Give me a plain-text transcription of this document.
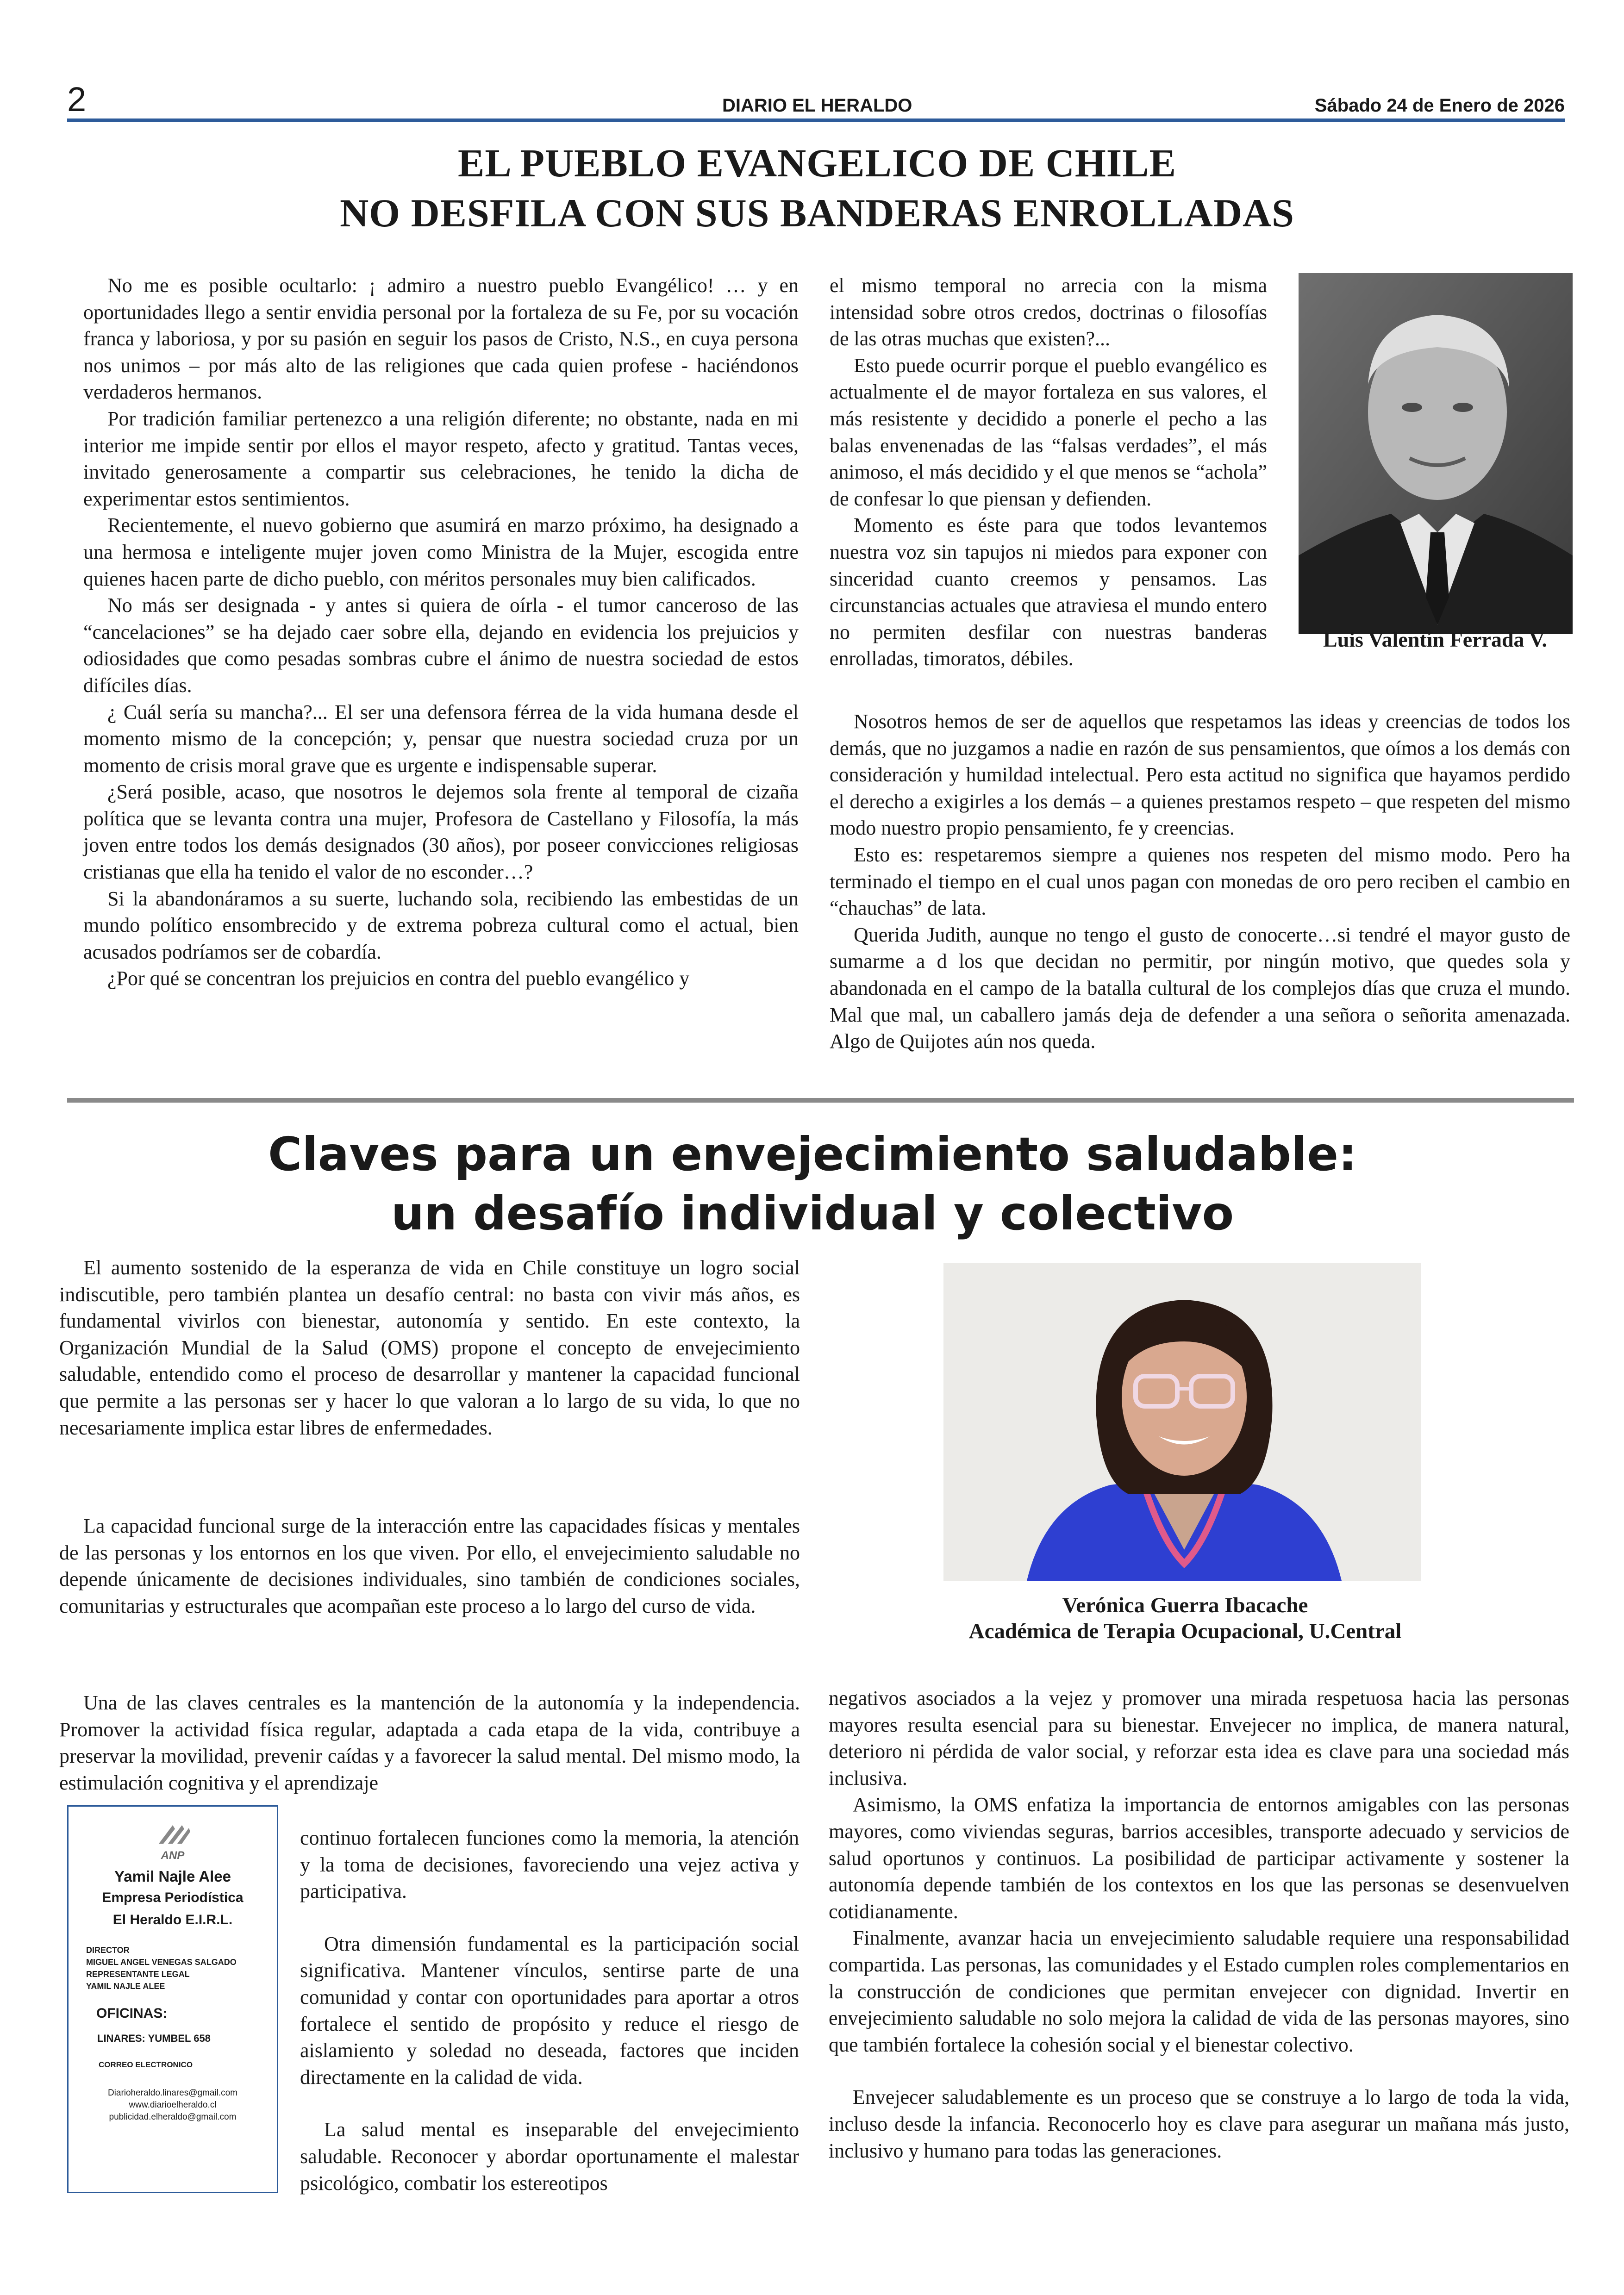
2	DIARIO EL HERALDO	Sábado 24 de Enero de 2026
EL PUEBLO EVANGELICO DE CHILE
NO DESFILA CON SUS BANDERAS ENROLLADAS

No me es posible ocultarlo: ¡ admiro a nuestro pueblo Evangélico! … y en oportunidades llego a sentir envidia personal por la fortaleza de su Fe, por su vocación franca y laboriosa, y por su pasión en seguir los pasos de Cristo, N.S., en cuya persona nos unimos – por más alto de las religiones que cada quien profese - haciéndonos verdaderos hermanos.

Por tradición familiar pertenezco a una religión diferente; no obstante, nada en mi interior me impide sentir por ellos el mayor respeto, afecto y gratitud. Tantas veces, invitado generosamente a compartir sus celebraciones, he tenido la dicha de experimentar estos sentimientos.

Recientemente, el nuevo gobierno que asumirá en marzo próximo, ha designado a una hermosa e inteligente mujer joven como Ministra de la Mujer, escogida entre quienes hacen parte de dicho pueblo, con méritos personales muy bien calificados.

No más ser designada - y antes si quiera de oírla - el tumor canceroso de las “cancelaciones” se ha dejado caer sobre ella, dejando en evidencia los prejuicios y odiosidades que como pesadas sombras cubre el ánimo de nuestra sociedad de estos difíciles días.

¿ Cuál sería su mancha?... El ser una defensora férrea de la vida humana desde el momento mismo de la concepción; y, pensar que nuestra sociedad cruza por un momento de crisis moral grave que es urgente e indispensable superar.

¿Será posible, acaso, que nosotros le dejemos sola frente al temporal de cizaña política que se levanta contra una mujer, Profesora de Castellano y Filosofía, la más joven entre todos los demás designados (30 años), por poseer convicciones religiosas cristianas que ella ha tenido el valor de no esconder…?

Si la abandonáramos a su suerte, luchando sola, recibiendo las embestidas de un mundo político ensombrecido y de extrema pobreza cultural como el actual, bien acusados podríamos ser de cobardía.

¿Por qué se concentran los prejuicios en contra del pueblo evangélico y

el mismo temporal no arrecia con la misma intensidad sobre otros credos, doctrinas o filosofías de las otras muchas que existen?...

Esto puede ocurrir porque el pueblo evangélico es actualmente el de mayor fortaleza en sus valores, el más resistente y decidido a ponerle el pecho a las balas envenenadas de las “falsas verdades”, el más animoso, el más decidido y el que menos se “achola” de confesar lo que piensan y defienden.

Momento es éste para que todos levantemos nuestra voz sin tapujos ni miedos para exponer con sinceridad cuanto creemos y pensamos. Las circunstancias actuales que atraviesa el mundo entero no permiten desfilar con nuestras banderas enrolladas, timoratos, débiles.

Nosotros hemos de ser de aquellos que respetamos las ideas y creencias de todos los demás, que no juzgamos a nadie en razón de sus pensamientos, que oímos a los demás con consideración y humildad intelectual. Pero esta actitud no significa que hayamos perdido el derecho a exigirles a los demás – a quienes prestamos respeto – que respeten del mismo modo nuestro propio pensamiento, fe y creencias.

Esto es: respetaremos siempre a quienes nos respeten del mismo modo. Pero ha terminado el tiempo en el cual unos pagan con monedas de oro pero reciben el cambio en “chauchas” de lata.

Querida Judith, aunque no tengo el gusto de conocerte…si tendré el mayor gusto de sumarme a d los que decidan no permitir, por ningún motivo, que quedes sola y abandonada en el campo de la batalla cultural de los complejos días que cruza el mundo. Mal que mal, un caballero jamás deja de defender a una señora o señorita amenazada. Algo de Quijotes aún nos queda.

Luis Valentín Ferrada V.
Claves para un envejecimiento saludable:
un desafío individual y colectivo

El aumento sostenido de la esperanza de vida en Chile constituye un logro social indiscutible, pero también plantea un desafío central: no basta con vivir más años, es fundamental vivirlos con bienestar, autonomía y sentido. En este contexto, la Organización Mundial de la Salud (OMS) propone el concepto de envejecimiento saludable, entendido como el proceso de desarrollar y mantener la capacidad funcional que permite a las personas ser y hacer lo que valoran a lo largo de su vida, lo que no necesariamente implica estar libres de enfermedades.

La capacidad funcional surge de la interacción entre las capacidades físicas y mentales de las personas y los entornos en los que viven. Por ello, el envejecimiento saludable no depende únicamente de decisiones individuales, sino también de condiciones sociales, comunitarias y estructurales que acompañan este proceso a lo largo del curso de vida.

Una de las claves centrales es la mantención de la autonomía y la independencia. Promover la actividad física regular, adaptada a cada etapa de la vida, contribuye a preservar la movilidad, prevenir caídas y a favorecer la salud mental. Del mismo modo, la estimulación cognitiva y el aprendizaje

continuo fortalecen funciones como la memoria, la atención y la toma de decisiones, favoreciendo una vejez activa y participativa.

Otra dimensión fundamental es la participación social significativa. Mantener vínculos, sentirse parte de una comunidad y contar con oportunidades para aportar a otros fortalece el sentido de propósito y reduce el riesgo de aislamiento y soledad no deseada, factores que inciden directamente en la calidad de vida.

La salud mental es inseparable del envejecimiento saludable. Reconocer y abordar oportunamente el malestar psicológico, combatir los estereotipos

negativos asociados a la vejez y promover una mirada respetuosa hacia las personas mayores resulta esencial para su bienestar. Envejecer no implica, de manera natural, deterioro ni pérdida de valor social, y reforzar esta idea es clave para una sociedad más inclusiva.

Asimismo, la OMS enfatiza la importancia de entornos amigables con las personas mayores, como viviendas seguras, barrios accesibles, transporte adecuado y servicios de salud oportunos y continuos. La posibilidad de participar activamente y sostener la autonomía depende también de los contextos en los que las personas se desenvuelven cotidianamente.

Finalmente, avanzar hacia un envejecimiento saludable requiere una responsabilidad compartida. Las personas, las comunidades y el Estado cumplen roles complementarios en la construcción de condiciones que permitan envejecer con dignidad. Invertir en envejecimiento saludable no solo mejora la calidad de vida de las personas mayores, sino que también fortalece la cohesión social y el bienestar colectivo.

Envejecer saludablemente es un proceso que se construye a lo largo de toda la vida, incluso desde la infancia. Reconocerlo hoy es clave para asegurar un mañana más justo, inclusivo y humano para todas las generaciones.

Verónica Guerra Ibacache
Académica de Terapia Ocupacional, U.Central
ANP
Yamil Najle Alee
Empresa Periodística
El Heraldo E.I.R.L.
DIRECTOR
MIGUEL ANGEL VENEGAS SALGADO
REPRESENTANTE LEGAL
YAMIL NAJLE ALEE
OFICINAS:
LINARES: YUMBEL 658
CORREO ELECTRONICO
Diarioheraldo.linares@gmail.com
www.diarioelheraldo.cl
publicidad.elheraldo@gmail.com
